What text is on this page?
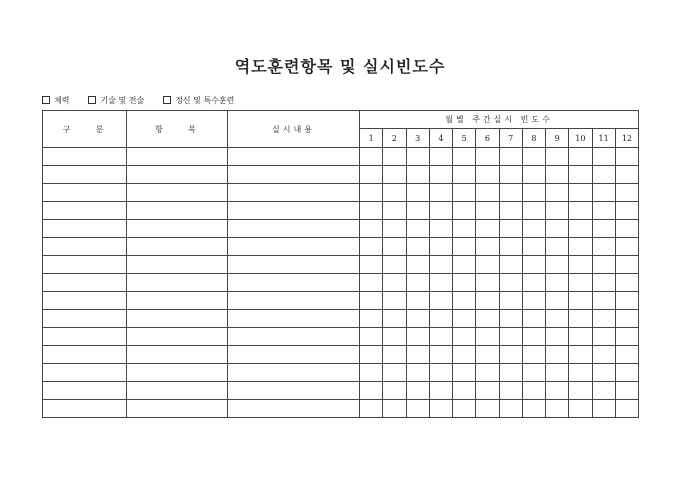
역도훈련항목 및 실시빈도수
체력	기술 및 전술	정신 및 특수훈련
구    분	항    목	실시내용	월별 주간실시 빈도수											
			1	2	3	4	5	6	7	8	9	10	11	12
